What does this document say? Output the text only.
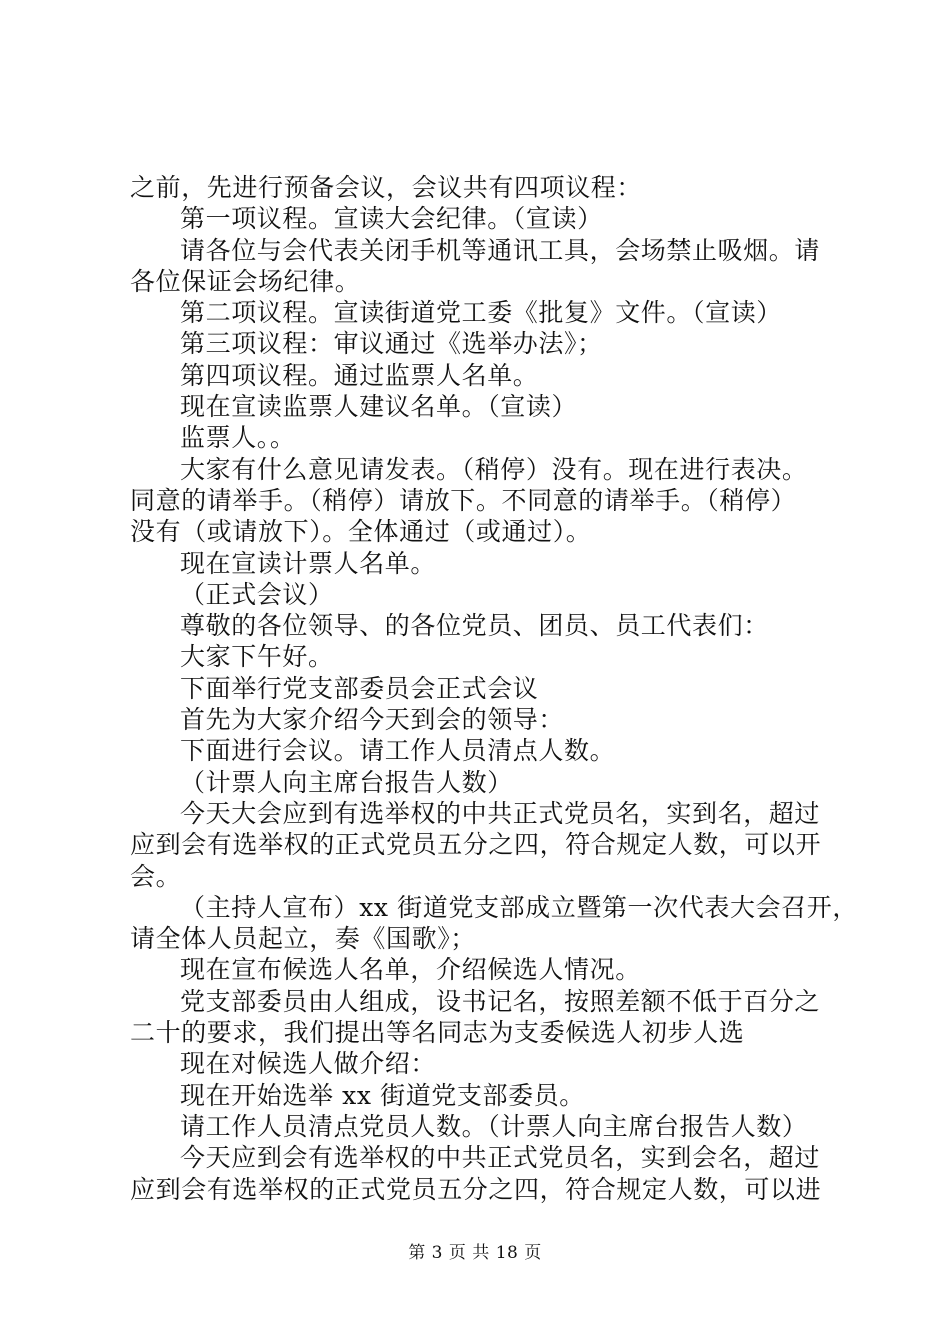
之前，先进行预备会议，会议共有四项议程：
第一项议程。宣读大会纪律。（宣读）
请各位与会代表关闭手机等通讯工具，会场禁止吸烟。请
各位保证会场纪律。
第二项议程。宣读街道党工委《批复》文件。（宣读）
第三项议程：审议通过《选举办法》；
第四项议程。通过监票人名单。
现在宣读监票人建议名单。（宣读）
监票人。。
大家有什么意见请发表。（稍停）没有。现在进行表决。
同意的请举手。（稍停）请放下。不同意的请举手。（稍停）
没有（或请放下）。全体通过（或通过）。
现在宣读计票人名单。
（正式会议）
尊敬的各位领导、的各位党员、团员、员工代表们：
大家下午好。
下面举行党支部委员会正式会议
首先为大家介绍今天到会的领导：
下面进行会议。请工作人员清点人数。
（计票人向主席台报告人数）
今天大会应到有选举权的中共正式党员名，实到名，超过
应到会有选举权的正式党员五分之四，符合规定人数，可以开
会。
（主持人宣布）xx 街道党支部成立暨第一次代表大会召开，
请全体人员起立，奏《国歌》；
现在宣布候选人名单，介绍候选人情况。
党支部委员由人组成，设书记名，按照差额不低于百分之
二十的要求，我们提出等名同志为支委候选人初步人选
现在对候选人做介绍：
现在开始选举 xx 街道党支部委员。
请工作人员清点党员人数。（计票人向主席台报告人数）
今天应到会有选举权的中共正式党员名，实到会名，超过
应到会有选举权的正式党员五分之四，符合规定人数，可以进
第 3 页 共 18 页
